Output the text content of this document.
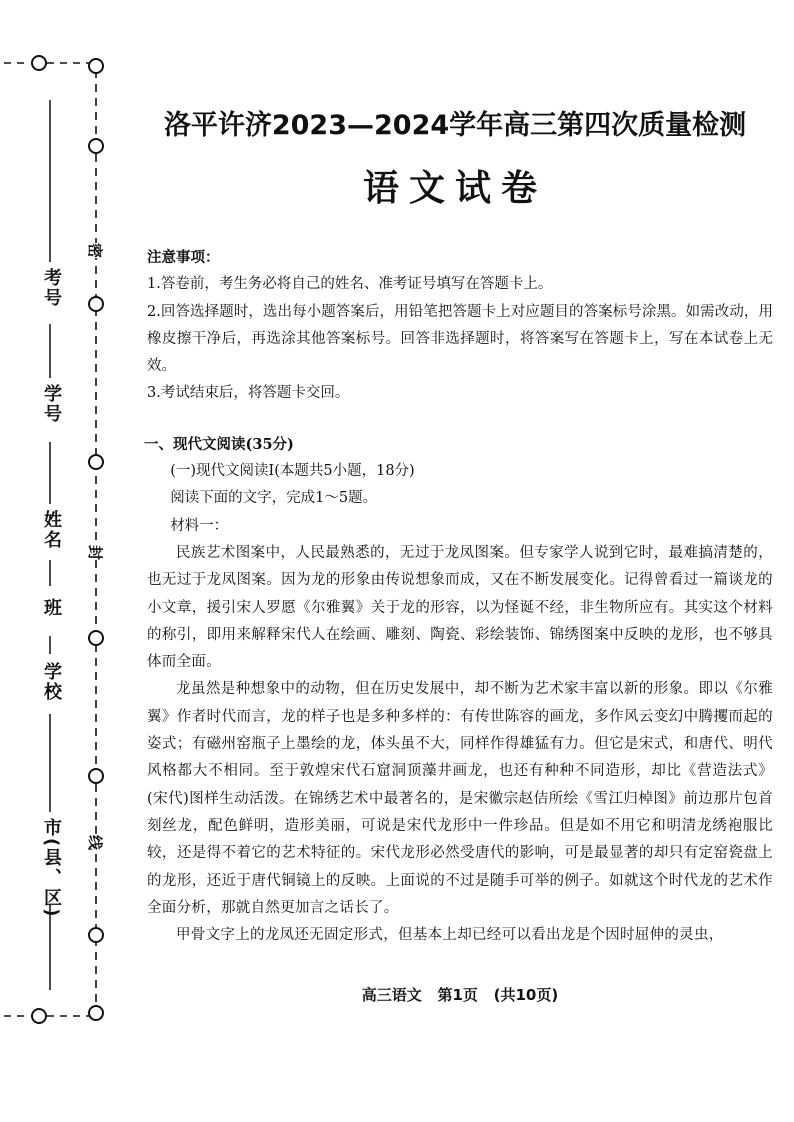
考号
学号
姓名
班
学校
市(县、区)
密
封
线
洛平许济2023—2024学年高三第四次质量检测
语文试卷

注意事项：

1.答卷前，考生务必将自己的姓名、准考证号填写在答题卡上。

2.回答选择题时，选出每小题答案后，用铅笔把答题卡上对应题目的答案标号涂黑。如需改动，用橡皮擦干净后，再选涂其他答案标号。回答非选择题时，将答案写在答题卡上，写在本试卷上无效。

3.考试结束后，将答题卡交回。

一、现代文阅读(35分)

(一)现代文阅读Ⅰ(本题共5小题，18分)

阅读下面的文字，完成1～5题。

材料一：

民族艺术图案中，人民最熟悉的，无过于龙凤图案。但专家学人说到它时，最难搞清楚的，也无过于龙凤图案。因为龙的形象由传说想象而成，又在不断发展变化。记得曾看过一篇谈龙的小文章，援引宋人罗愿《尔雅翼》关于龙的形容，以为怪诞不经，非生物所应有。其实这个材料的称引，即用来解释宋代人在绘画、雕刻、陶瓷、彩绘装饰、锦绣图案中反映的龙形，也不够具体而全面。

龙虽然是种想象中的动物，但在历史发展中，却不断为艺术家丰富以新的形象。即以《尔雅翼》作者时代而言，龙的样子也是多种多样的：有传世陈容的画龙，多作风云变幻中腾攫而起的姿式；有磁州窑瓶子上墨绘的龙，体头虽不大，同样作得雄猛有力。但它是宋式，和唐代、明代风格都大不相同。至于敦煌宋代石窟洞顶藻井画龙，也还有种种不同造形，却比《营造法式》(宋代)图样生动活泼。在锦绣艺术中最著名的，是宋徽宗赵佶所绘《雪江归棹图》前边那片包首刻丝龙，配色鲜明，造形美丽，可说是宋代龙形中一件珍品。但是如不用它和明清龙绣袍服比较，还是得不着它的艺术特征的。宋代龙形必然受唐代的影响，可是最显著的却只有定窑瓷盘上的龙形，还近于唐代铜镜上的反映。上面说的不过是随手可举的例子。如就这个时代龙的艺术作全面分析，那就自然更加言之话长了。

甲骨文字上的龙凤还无固定形式，但基本上却已经可以看出龙是个因时屈伸的灵虫，

高三语文 第1页 (共10页)
